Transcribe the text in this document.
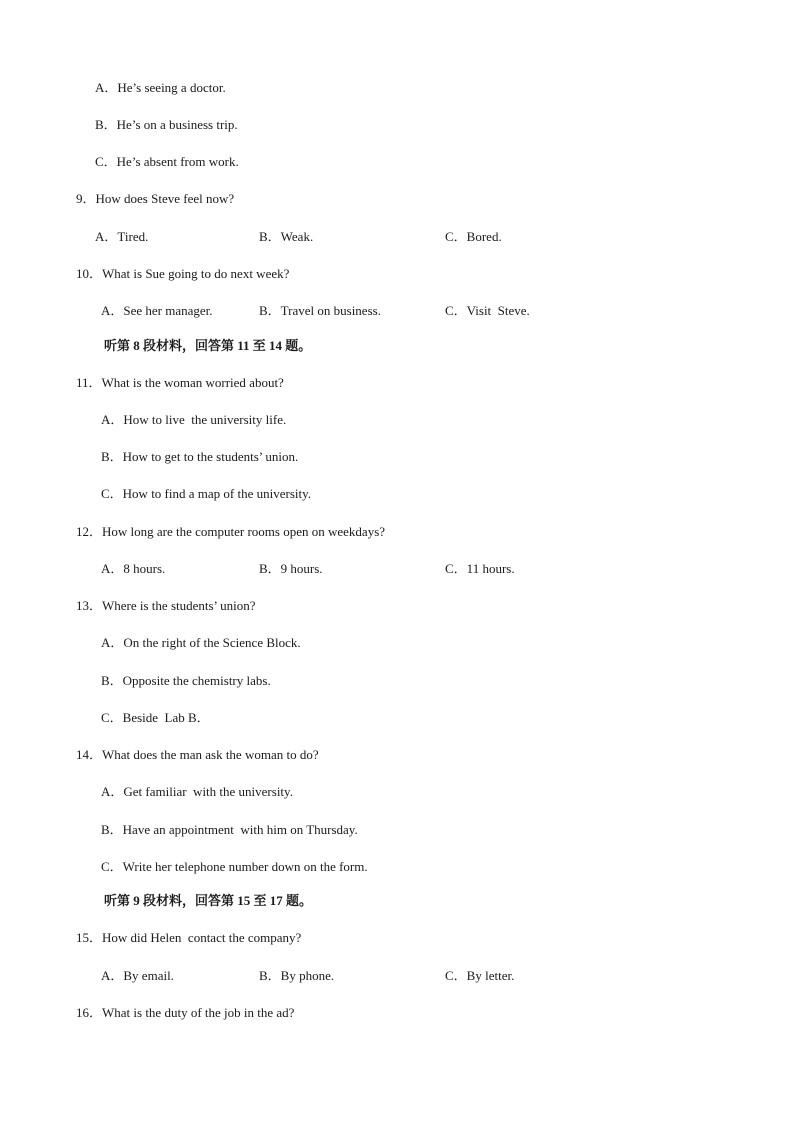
A．He’s seeing a doctor.
B．He’s on a business trip.
C．He’s absent from work.
9．How does Steve feel now?
A．Tired.	B．Weak.	C．Bored.
10．What is Sue going to do next week?
A．See her manager.	B．Travel on business.	C．Visit  Steve.
听第 8 段材料，回答第 11 至 14 题。
11．What is the woman worried about?
A．How to live  the university life.
B．How to get to the students’ union.
C．How to find a map of the university.
12．How long are the computer rooms open on weekdays?
A．8 hours.	B．9 hours.	C．11 hours.
13．Where is the students’ union?
A．On the right of the Science Block.
B．Opposite the chemistry labs.
C．Beside  Lab B．
14．What does the man ask the woman to do?
A．Get familiar  with the university.
B．Have an appointment  with him on Thursday.
C．Write her telephone number down on the form.
听第 9 段材料，回答第 15 至 17 题。
15．How did Helen  contact the company?
A．By email.	B．By phone.	C．By letter.
16．What is the duty of the job in the ad?
